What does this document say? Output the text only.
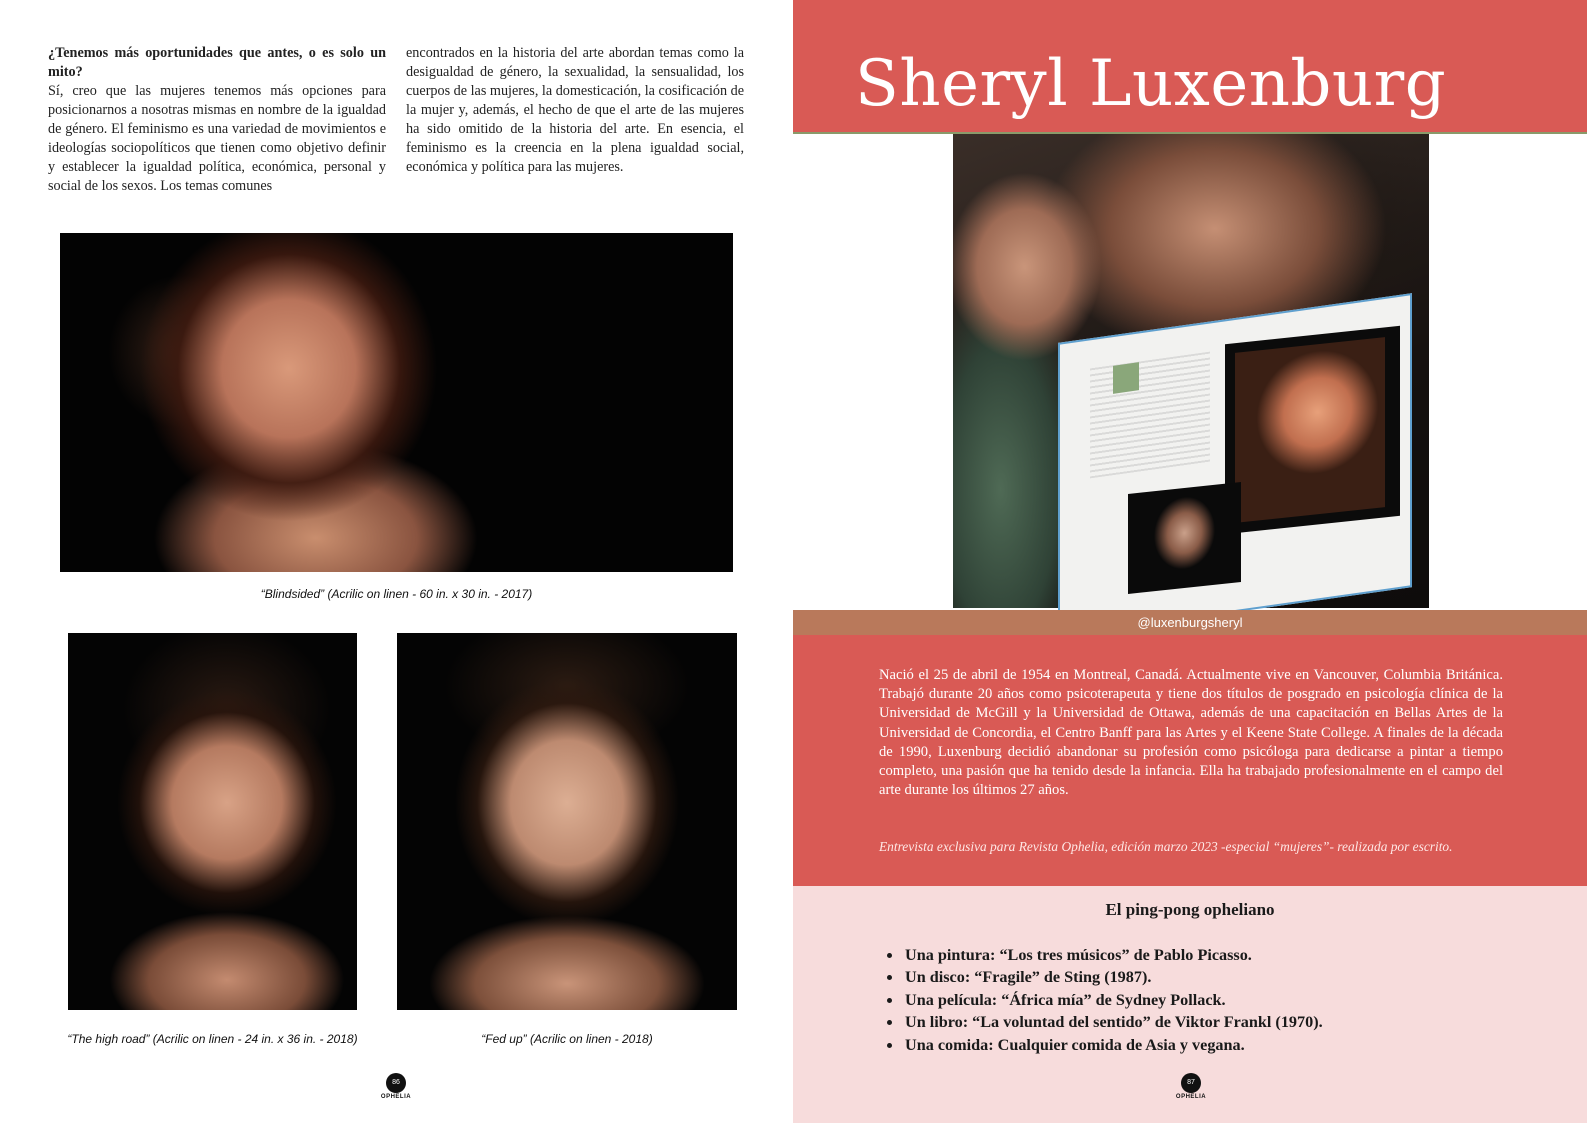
¿Tenemos más oportunidades que antes, o es solo un mito?
Sí, creo que las mujeres tenemos más opciones para posicionarnos a nosotras mismas en nombre de la igualdad de género. El feminismo es una variedad de movimientos e ideologías sociopolíticos que tienen como objetivo definir y establecer la igualdad política, económica, personal y social de los sexos. Los temas comunes
encontrados en la historia del arte abordan temas como la desigualdad de género, la sexualidad, la sensualidad, los cuerpos de las mujeres, la domesticación, la cosificación de la mujer y, además, el hecho de que el arte de las mujeres ha sido omitido de la historia del arte. En esencia, el feminismo es la creencia en la plena igualdad social, económica y política para las mujeres.
“Blindsided” (Acrilic on linen - 60 in. x 30 in. - 2017)
“The high road” (Acrilic on linen - 24 in. x 36 in. - 2018)	“Fed up” (Acrilic on linen - 2018)
86
OPHELIA
Sheryl Luxenburg
@luxenburgsheryl
Nació el 25 de abril de 1954 en Montreal, Canadá. Actualmente vive en Vancouver, Columbia Británica. Trabajó durante 20 años como psicoterapeuta y tiene dos títulos de posgrado en psicología clínica de la Universidad de McGill y la Universidad de Ottawa, además de una capacitación en Bellas Artes de la Universidad de Concordia, el Centro Banff para las Artes y el Keene State College. A finales de la década de 1990, Luxenburg decidió abandonar su profesión como psicóloga para dedicarse a pintar a tiempo completo, una pasión que ha tenido desde la infancia. Ella ha trabajado profesionalmente en el campo del arte durante los últimos 27 años.
Entrevista exclusiva para Revista Ophelia, edición marzo 2023 -especial “mujeres”- realizada por escrito.
El ping-pong opheliano
• Una pintura: “Los tres músicos” de Pablo Picasso.
• Un disco: “Fragile” de Sting (1987).
• Una película: “África mía” de Sydney Pollack.
• Un libro: “La voluntad del sentido” de Viktor Frankl (1970).
• Una comida: Cualquier comida de Asia y vegana.
87
OPHELIA
